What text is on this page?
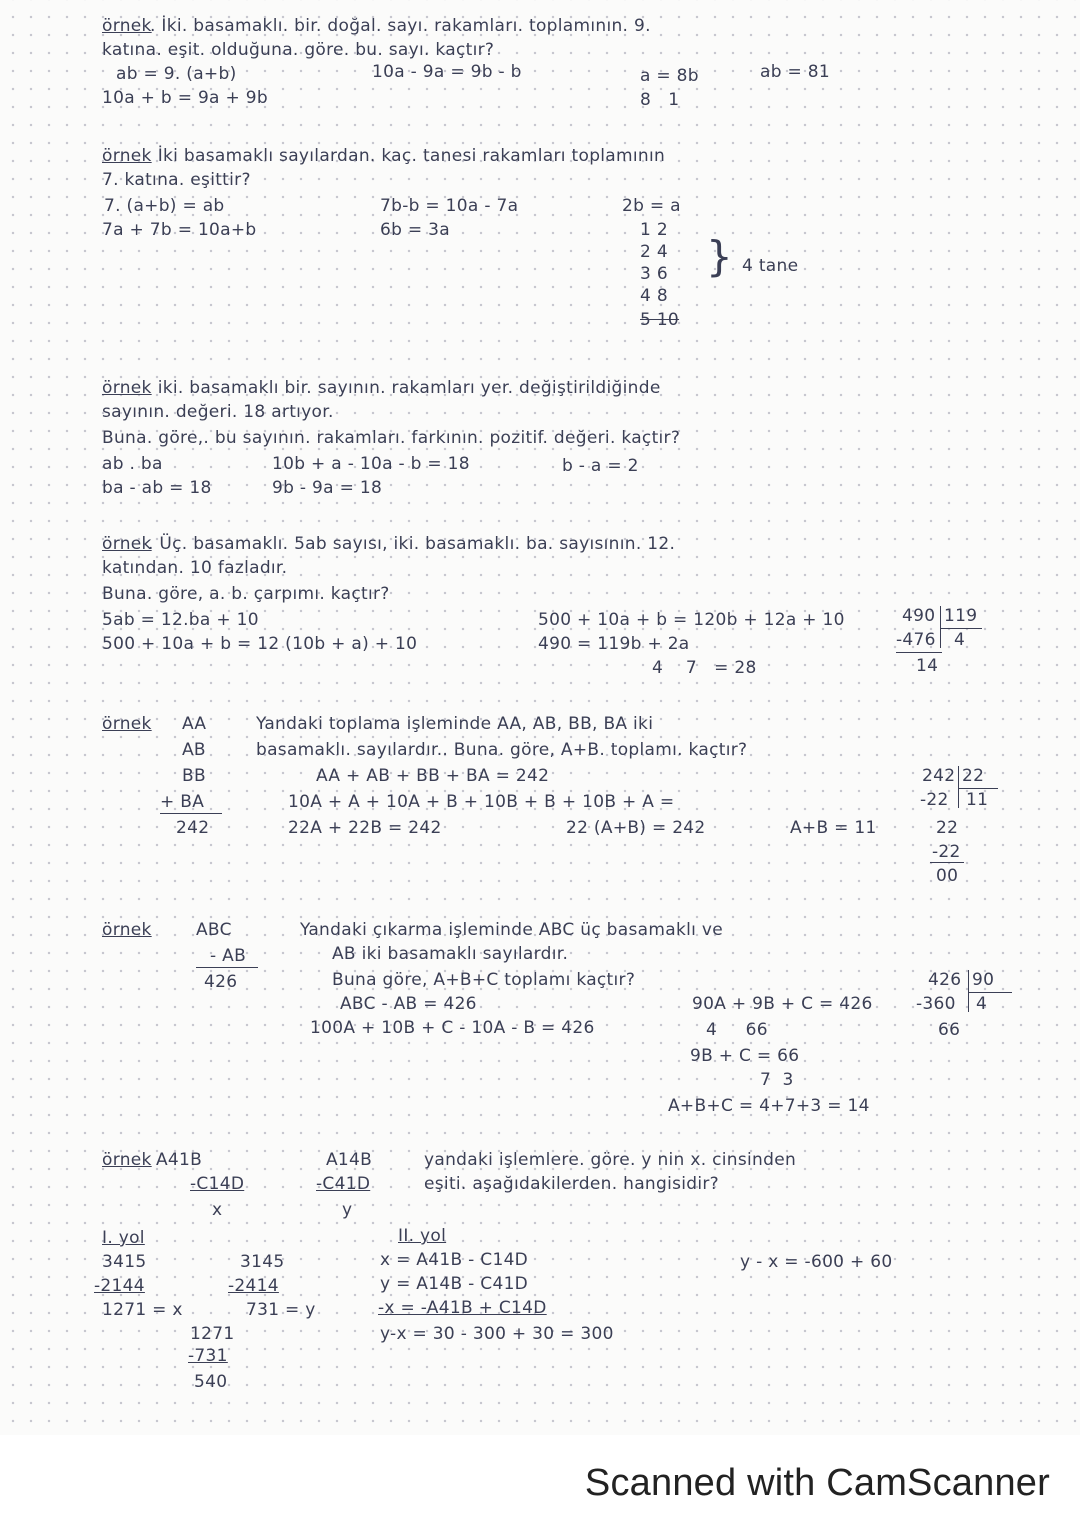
örnek
. İki. basamaklı. bir. doğal. sayı. rakamları. toplamının. 9.
katına. eşit. olduğuna. göre. bu. sayı. kaçtır?
ab = 9. (a+b)
10a + b = 9a + 9b
10a - 9a = 9b - b	a = 8b
8   1
ab = 81
örnek İki basamaklı sayılardan. kaç. tanesi rakamları toplamının
7. katına. eşittir?
7. (a+b) = ab
7a + 7b = 10a+b
7b-b = 10a - 7a
6b = 3a
2b = a
1 2
2 4
3 6
4 8
5 10
} 4 tane
örnek iki. basamaklı bir. sayının. rakamları yer. değiştirildiğinde
sayının. değeri. 18 artıyor.
Buna. göre,. bu sayının. rakamları. farkının. pozitif. değeri. kaçtır?
ab . ba
ba - ab = 18
10b + a - 10a - b = 18
9b - 9a = 18
b - a = 2
örnek
. Üç. basamaklı. 5ab sayısı, iki. basamaklı. ba. sayısının. 12.
katından. 10 fazladır.
Buna. göre, a. b. çarpımı. kaçtır?
5ab = 12.ba + 10
500 + 10a + b = 12 (10b + a) + 10
500 + 10a + b = 120b + 12a + 10
490 = 119b + 2a
4    7   = 28
490 119
-476 4
14
örnek AA
AB
BB
+ BA
242
Yandaki toplama işleminde AA, AB, BB, BA iki
basamaklı. sayılardır.. Buna. göre, A+B. toplamı. kaçtır?
AA + AB + BB + BA = 242
10A + A + 10A + B + 10B + B + 10B + A =
22A + 22B = 242	22 (A+B) = 242	A+B = 11
242 22
-22 11
22
-22
00
örnek	ABC
- AB
426
Yandaki çıkarma işleminde ABC üç basamaklı ve
AB iki basamaklı sayılardır.
Buna göre, A+B+C toplamı kaçtır?
ABC - AB = 426
100A + 10B + C - 10A - B = 426
90A + 9B + C = 426
4     66
9B + C = 66
7  3
A+B+C = 4+7+3 = 14
426 90
-360 4
66
örnek A41B
-C14D
x
A14B
-C41D
y
yandaki işlemlere. göre. y nin x. cinsinden
eşiti. aşağıdakilerden. hangisidir?
I. yol
3415
-2144
1271 = x
3145
-2414
731 = y
1271
-731
540
II. yol
x = A41B - C14D
y = A14B - C41D
-x = -A41B + C14D
y-x = 30 - 300 + 30 = 300
y - x = -600 + 60
Scanned with CamScanner
